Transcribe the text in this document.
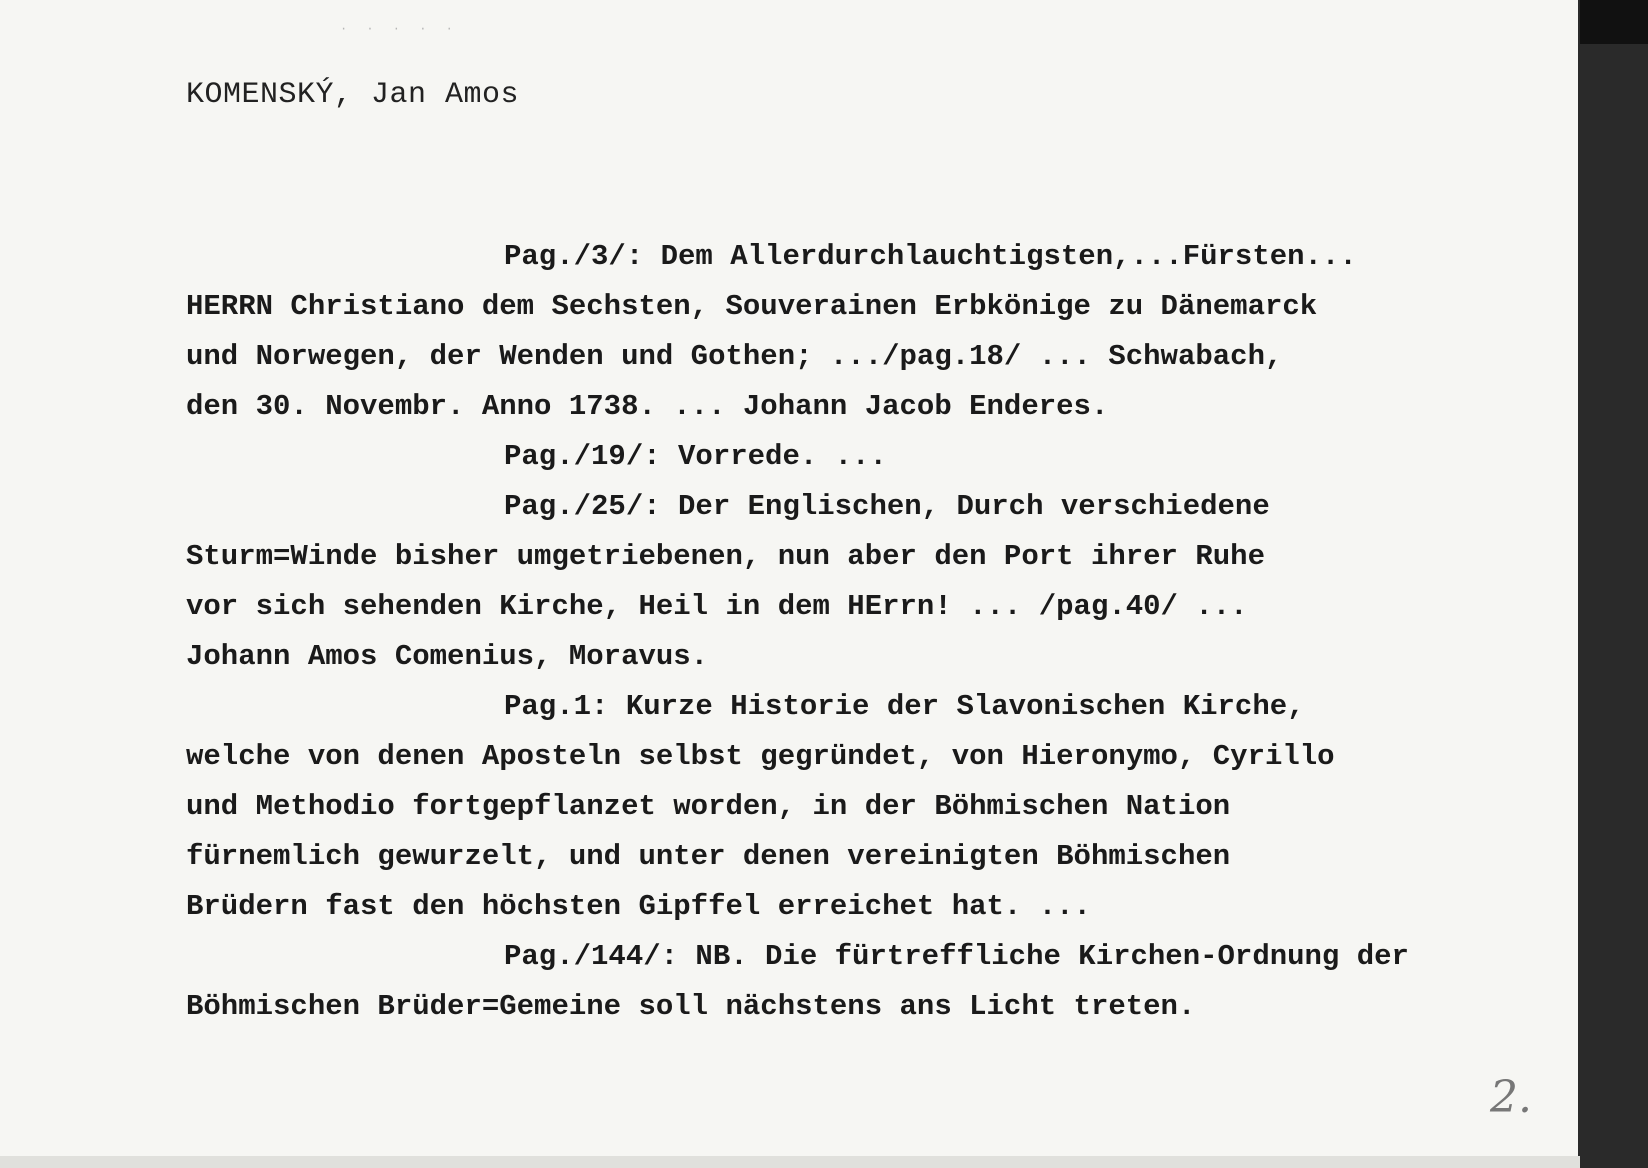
· · · · ·
KOMENSKÝ, Jan Amos
Pag./3/: Dem Allerdurchlauchtigsten,...Fürsten...
HERRN Christiano dem Sechsten, Souverainen Erbkönige zu Dänemarck
und Norwegen, der Wenden und Gothen; .../pag.18/ ... Schwabach,
den 30. Novembr. Anno 1738. ... Johann Jacob Enderes.
Pag./19/: Vorrede. ...
Pag./25/: Der Englischen, Durch verschiedene
Sturm=Winde bisher umgetriebenen, nun aber den Port ihrer Ruhe
vor sich sehenden Kirche, Heil in dem HErrn! ... /pag.40/ ...
Johann Amos Comenius, Moravus.
Pag.1: Kurze Historie der Slavonischen Kirche,
welche von denen Aposteln selbst gegründet, von Hieronymo, Cyrillo
und Methodio fortgepflanzet worden, in der Böhmischen Nation
fürnemlich gewurzelt, und unter denen vereinigten Böhmischen
Brüdern fast den höchsten Gipffel erreichet hat. ...
Pag./144/: NB. Die fürtreffliche Kirchen-Ordnung der
Böhmischen Brüder=Gemeine soll nächstens ans Licht treten.
2.
